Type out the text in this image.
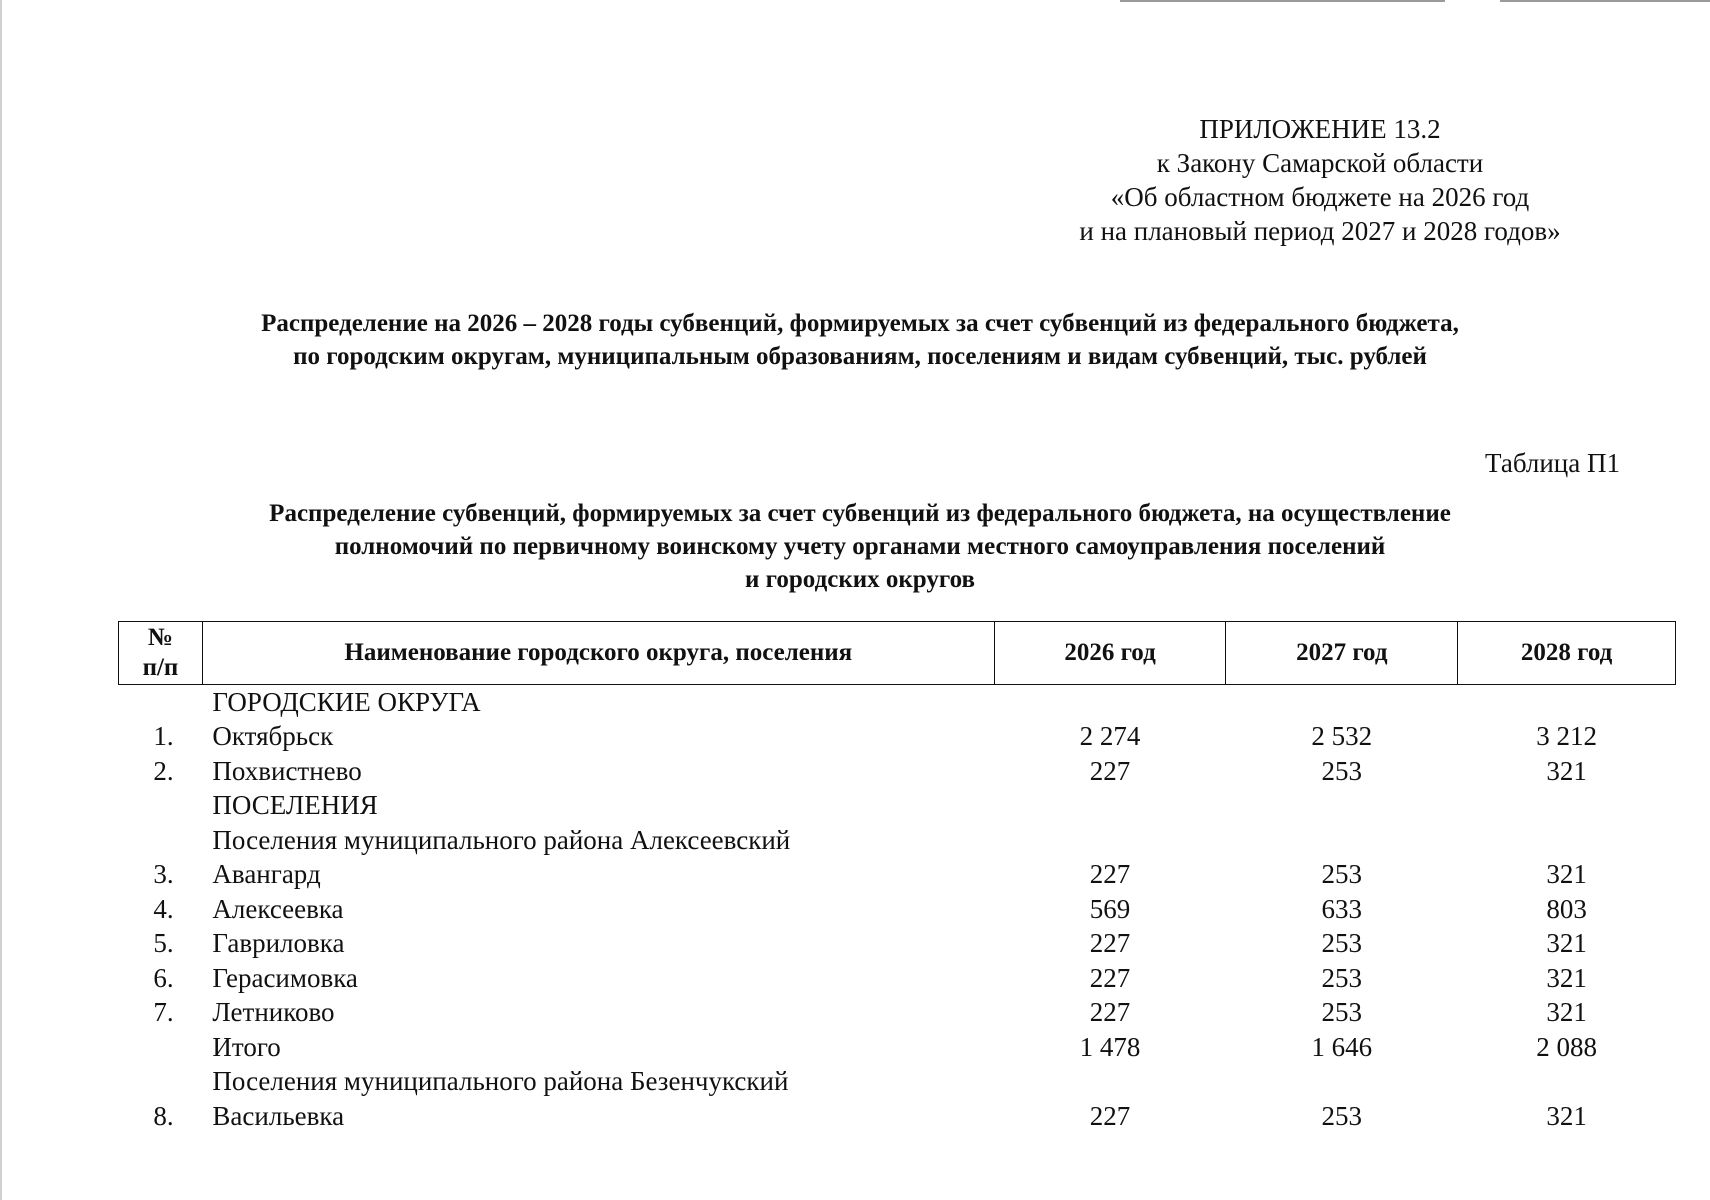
ПРИЛОЖЕНИЕ 13.2
к Закону Самарской области
«Об областном бюджете на 2026 год
и на плановый период 2027 и 2028 годов»
Распределение на 2026 – 2028 годы субвенций, формируемых за счет субвенций из федерального бюджета,
по городским округам, муниципальным образованиям, поселениям и видам субвенций, тыс. рублей
Таблица П1
Распределение субвенций, формируемых за счет субвенций из федерального бюджета, на осуществление
полномочий по первичному воинскому учету органами местного самоуправления поселений
и городских округов
№
п/п	Наименование городского округа, поселения	2026 год	2027 год	2028 год
	ГОРОДСКИЕ ОКРУГА			
1.	Октябрьск	2 274	2 532	3 212
2.	Похвистнево	227	253	321
	ПОСЕЛЕНИЯ			
	Поселения муниципального района Алексеевский			
3.	Авангард	227	253	321
4.	Алексеевка	569	633	803
5.	Гавриловка	227	253	321
6.	Герасимовка	227	253	321
7.	Летниково	227	253	321
	Итого	1 478	1 646	2 088
	Поселения муниципального района Безенчукский			
8.	Васильевка	227	253	321
